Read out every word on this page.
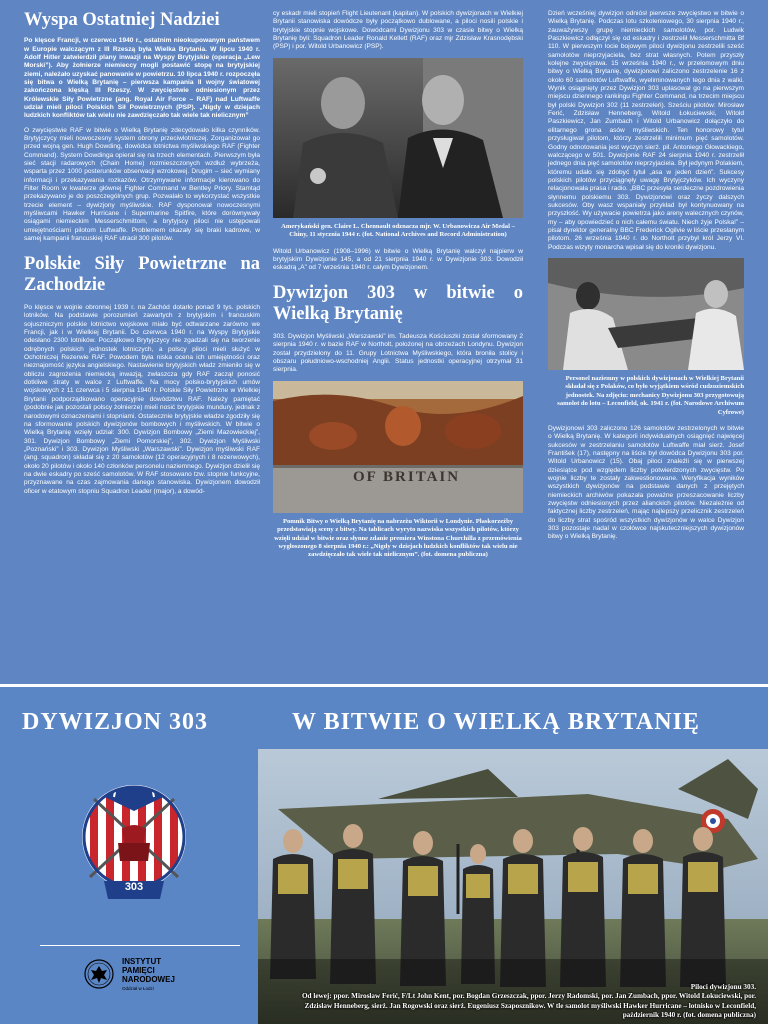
Wyspa Ostatniej Nadziei

Po klęsce Francji, w czerwcu 1940 r., ostatnim nieokupowanym państwem w Europie walczącym z III Rzeszą była Wielka Brytania. W lipcu 1940 r. Adolf Hitler zatwierdził plany inwazji na Wyspy Brytyjskie (operacja „Lew Morski”). Aby żołnierze niemieccy mogli postawić stopę na brytyjskiej ziemi, należało uzyskać panowanie w powietrzu. 10 lipca 1940 r. rozpoczęła się bitwa o Wielką Brytanię – pierwsza kampania II wojny światowej zakończona klęską III Rzeszy. W zwycięstwie odniesionym przez Królewskie Siły Powietrzne (ang. Royal Air Force – RAF) nad Luftwaffe udział mieli piloci Polskich Sił Powietrznych (PSP). „Nigdy w dziejach ludzkich konfliktów tak wielu nie zawdzięczało tak wiele tak nielicznym”

O zwycięstwie RAF w bitwie o Wielką Brytanię zdecydowało kilka czynników. Brytyjczycy mieli nowoczesny system obrony przeciwlotniczej. Zorganizował go przed wojną gen. Hugh Dowding, dowódca lotnictwa myśliwskiego RAF (Fighter Command). System Dowdinga opierał się na trzech elementach. Pierwszym była sieć stacji radarowych (Chain Home) rozmieszczonych wzdłuż wybrzeża, wsparta przez 1000 posterunków obserwacji wzrokowej. Drugim – sieć wymiany informacji i przekazywania rozkazów. Otrzymywane informacje kierowano do Filter Room w kwaterze głównej Fighter Command w Bentley Priory. Stamtąd przekazywano je do poszczególnych grup. Pozwalało to wykorzystać wszystkie trzecie element – dywizjony myśliwskie. RAF dysponował nowoczesnymi myśliwcami Hawker Hurricane i Supermarine Spitfire, które dorównywały osiągami niemieckim Messerschmittom, a brytyjscy piloci nie ustępowali umiejętnościami pilotom Luftwaffe. Problemem okazały się braki kadrowe, w samej kampanii francuskiej RAF utracił 300 pilotów.

Polskie Siły Powietrzne na Zachodzie

Po klęsce w wojnie obronnej 1939 r. na Zachód dotarło ponad 9 tys. polskich lotników. Na podstawie porozumień zawartych z brytyjskim i francuskim sojuszniczym polskie lotnictwo wojskowe miało być odtwarzane zarówno we Francji, jak i w Wielkiej Brytanii. Do czerwca 1940 r. na Wyspy Brytyjskie odesłano 2300 lotników. Początkowo Brytyjczycy nie zgadzali się na tworzenie odrębnych polskich jednostek lotniczych, a polscy piloci mieli służyć w Ochotniczej Rezerwie RAF. Powodem była niska ocena ich umiejętności oraz nieznajomość języka angielskiego. Nastawienie brytyjskich władz zmieniło się w obliczu zagrożenia niemiecką inwazją, zwłaszcza gdy RAF zaczął ponosić dotkliwe straty w walce z Luftwaffe. Na mocy polsko-brytyjskich umów wojskowych z 11 czerwca i 5 sierpnia 1940 r. Polskie Siły Powietrzne w Wielkiej Brytanii podporządkowano operacyjnie dowództwu RAF. Należy pamiętać (podobnie jak pozostali polscy żołnierze) mieli nosić brytyjskie mundury, jednak z narodowymi oznaczeniami i stopniami. Ostatecznie brytyjskie władze zgodziły się na sformowanie polskich dywizjonów bombowych i myśliwskich. W bitwie o Wielką Brytanię wzięły udział: 300. Dywizjon Bombowy „Ziemi Mazowieckiej”, 301. Dywizjon Bombowy „Ziemi Pomorskiej”, 302. Dywizjon Myśliwski „Poznański” i 303. Dywizjon Myśliwski „Warszawski”. Dywizjon myśliwski RAF (ang. squadron) składał się z 20 samolotów (12 operacyjnych i 8 rezerwowych), około 20 pilotów i około 140 członków personelu naziemnego. Dywizjon dzielił się na dwie eskadry po sześć samolotów. W RAF stosowano tzw. stopnie funkcyjne, przyznawane na czas zajmowania danego stanowiska. Dywizjonem dowodził oficer w etatowym stopniu Squadron Leader (major), a dowód-

cy eskadr mieli stopień Flight Lieutenant (kapitan). W polskich dywizjonach w Wielkiej Brytanii stanowiska dowódcze były początkowo dublowane, a piloci nosili polskie i brytyjskie stopnie wojskowe. Dowódcami Dywizjonu 303 w czasie bitwy o Wielką Brytanię byli: Squadron Leader Ronald Kellett (RAF) oraz mjr Zdzisław Krasnodębski (PSP) i por. Witold Urbanowicz (PSP).

Amerykański gen. Claire L. Chennault odznacza mjr. W. Urbanowicza Air Medal – Chiny, 11 stycznia 1944 r. (fot. National Archives and Record Administration)

Witold Urbanowicz (1908–1996) w bitwie o Wielką Brytanię walczył najpierw w brytyjskim Dywizjonie 145, a od 21 sierpnia 1940 r. w Dywizjonie 303. Dowodził eskadrą „A” od 7 września 1940 r. całym Dywizjonem.

Dywizjon 303 w bitwie o Wielką Brytanię

303. Dywizjon Myśliwski „Warszawski” im. Tadeusza Kościuszki został sformowany 2 sierpnia 1940 r. w bazie RAF w Northolt, położonej na obrzeżach Londynu. Dywizjon został przydzielony do 11. Grupy Lotnictwa Myśliwskiego, która broniła stolicy i obszaru południowo-wschodniej Anglii. Status jednostki operacyjnej otrzymał 31 sierpnia.

OF BRITAIN

Pomnik Bitwy o Wielką Brytanię na nabrzeżu Wiktorii w Londynie. Płaskorzeźby przedstawiają sceny z bitwy. Na tablicach wyryto nazwiska wszystkich pilotów, którzy wzięli udział w bitwie oraz słynne zdanie premiera Winstona Churchilla z przemówienia wygłoszonego 8 sierpnia 1940 r.: „Nigdy w dziejach ludzkich konfliktów tak wielu nie zawdzięczało tak wiele tak nielicznym”. (fot. domena publiczna)

Dzień wcześniej dywizjon odniósł pierwsze zwycięstwo w bitwie o Wielką Brytanię. Podczas lotu szkoleniowego, 30 sierpnia 1940 r., zauważywszy grupę niemieckich samolotów, por. Ludwik Paszkiewicz odłączył się od eskadry i zestrzelił Messerschmitta Bf 110. W pierwszym locie bojowym piloci dywizjonu zestrzelili sześć samolotów nieprzyjaciela, bez strat własnych. Potem przyszły kolejne zwycięstwa. 15 września 1940 r., w przełomowym dniu bitwy o Wielką Brytanię, dywizjonowi zaliczono zestrzelenie 16 z około 60 samolotów Luftwaffe, wyeliminowanych tego dnia z walki. Wynik osiągnięty przez Dywizjon 303 uplasował go na pierwszym miejscu dziennego rankingu Fighter Command, na trzecim miejscu był polski Dywizjon 302 (11 zestrzeleń). Sześciu pilotów: Mirosław Ferić, Zdzisław Henneberg, Witold Łokuciewski, Witold Paszkiewicz, Jan Zumbach i Witold Urbanowicz dołączyło do elitarnego grona asów myśliwskich. Ten honorowy tytuł przysługiwał pilotom, którzy zestrzelili minimum pięć samolotów. Godny odnotowania jest wyczyn sierż. pil. Antoniego Głowackiego, walczącego w 501. Dywizjonie RAF 24 sierpnia 1940 r. zestrzelił jednego dnia pięć samolotów nieprzyjaciela. Był jedynym Polakiem, któremu udało się zdobyć tytuł „asa w jeden dzień”. Sukcesy polskich pilotów przyciągnęły uwagę Brytyjczyków. Ich wyczyny relacjonowała prasa i radio. „BBC przesyła serdeczne pozdrowienia słynnemu polskiemu 303. Dywizjonowi oraz życzy dalszych sukcesów. Oby wasz wspaniały przykład był kontynuowany na przyszłość. Wy używacie powietrza jako areny walecznych czynów, my – aby opowiedzieć o nich całemu światu. Niech żyje Polska!” – pisał dyrektor generalny BBC Frederick Ogilvie w liście przesłanym pilotom. 26 września 1940 r. do Northolt przybył król Jerzy VI. Podczas wizyty monarcha wpisał się do kroniki dywizjonu.

Personel naziemny w polskich dywizjonach w Wielkiej Brytanii składał się z Polaków, co było wyjątkiem wśród cudzoziemskich jednostek. Na zdjęciu: mechanicy Dywizjonu 303 przygotowują samolot do lotu – Leconfield, ok. 1941 r. (fot. Narodowe Archiwum Cyfrowe)

Dywizjonowi 303 zaliczono 126 samolotów zestrzelonych w bitwie o Wielką Brytanię. W kategorii indywidualnych osiągnięć najwięcej sukcesów w zestrzelaniu samolotów Luftwaffe miał sierż. Josef František (17), następny na liście był dowódca Dywizjonu 303 por. Witold Urbanowicz (15). Obaj piloci znaleźli się w pierwszej dziesiątce pod względem liczby potwierdzonych zwycięstw. Po wojnie liczby te zostały zakwestionowane. Weryfikacja wyników wszystkich dywizjonów na podstawie danych z przejętych niemieckich archiwów pokazała poważne przeszacowanie liczby zwycięstw odniesionych przez alianckich pilotów. Niezależnie od faktycznej liczby zestrzeleń, mając najlepszy przelicznik zestrzeleń do liczby strat spośród wszystkich dywizjonów w walce Dywizjon 303 pozostaje nadal w czołówce najskuteczniejszych dywizjonów bitwy o Wielką Brytanię.

DYWIZJON 303	W BITWIE O WIELKĄ BRYTANIĘ
303
INSTYTUT
PAMIĘCI
NARODOWEJ
Oddział w Łodzi	Piloci dywizjonu 303.
Od lewej: ppor. Mirosław Ferić, F/Lt John Kent, por. Bogdan Grzeszczak, ppor. Jerzy Radomski, por. Jan Zumbach, ppor. Witold Łokuciewski, por. Zdzisław Henneberg, sierż. Jan Rogowski oraz sierż. Eugeniusz Szaposznikow. W tle samolot myśliwski Hawker Hurricane – lotnisko w Leconfield, październik 1940 r. (fot. domena publiczna)
